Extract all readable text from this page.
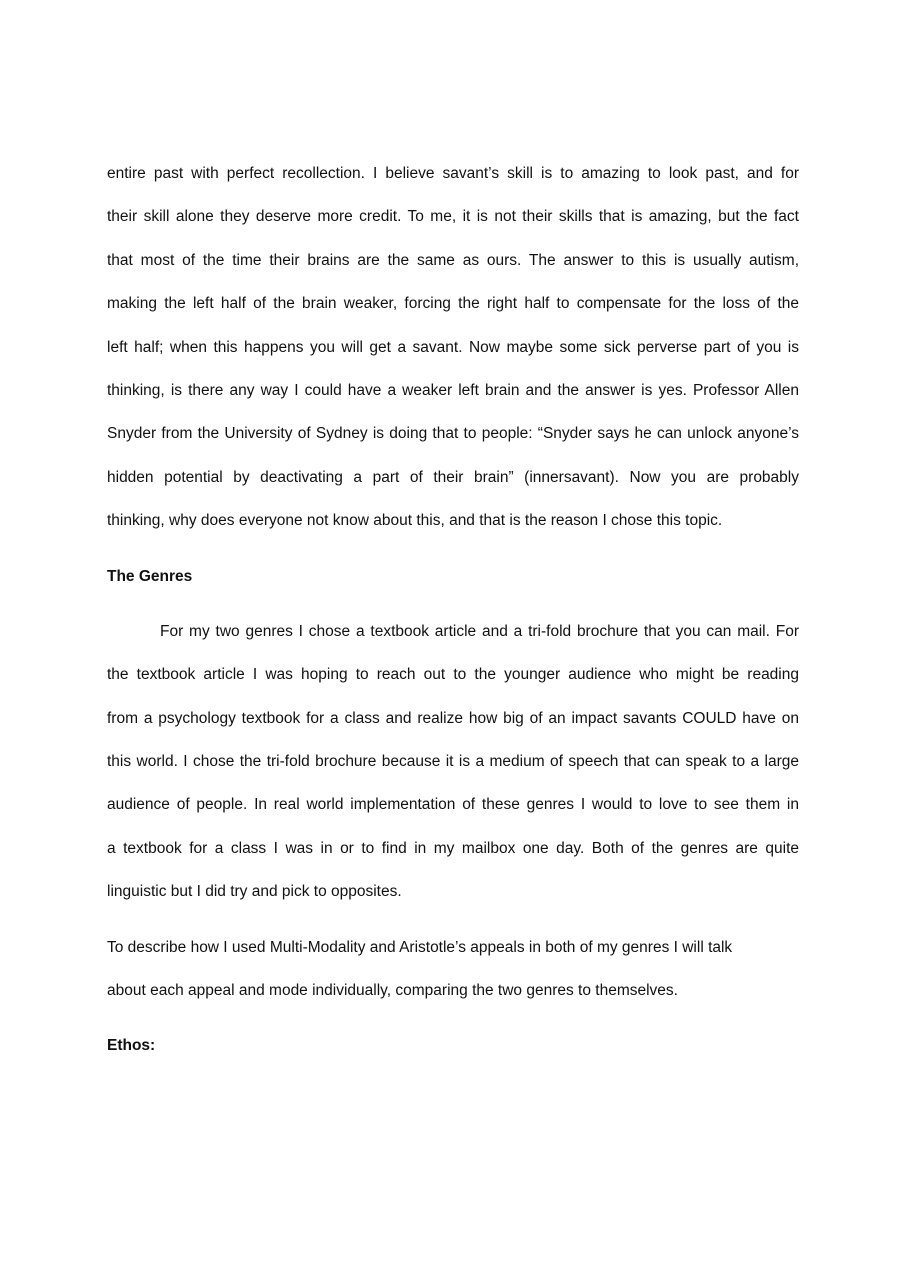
entire past with perfect recollection. I believe savant’s skill is to amazing to look past, and for
their skill alone they deserve more credit. To me, it is not their skills that is amazing, but the fact
that most of the time their brains are the same as ours. The answer to this is usually autism,
making the left half of the brain weaker, forcing the right half to compensate for the loss of the
left half; when this happens you will get a savant. Now maybe some sick perverse part of you is
thinking, is there any way I could have a weaker left brain and the answer is yes. Professor Allen
Snyder from the University of Sydney is doing that to people: “Snyder says he can unlock anyone’s
hidden potential by deactivating a part of their brain” (innersavant). Now you are probably
thinking, why does everyone not know about this, and that is the reason I chose this topic.
The Genres
For my two genres I chose a textbook article and a tri-fold brochure that you can mail. For
the textbook article I was hoping to reach out to the younger audience who might be reading
from a psychology textbook for a class and realize how big of an impact savants COULD have on
this world. I chose the tri-fold brochure because it is a medium of speech that can speak to a large
audience of people. In real world implementation of these genres I would to love to see them in
a textbook for a class I was in or to find in my mailbox one day. Both of the genres are quite
linguistic but I did try and pick to opposites.
To describe how I used Multi-Modality and Aristotle’s appeals in both of my genres I will talk
about each appeal and mode individually, comparing the two genres to themselves.
Ethos:
